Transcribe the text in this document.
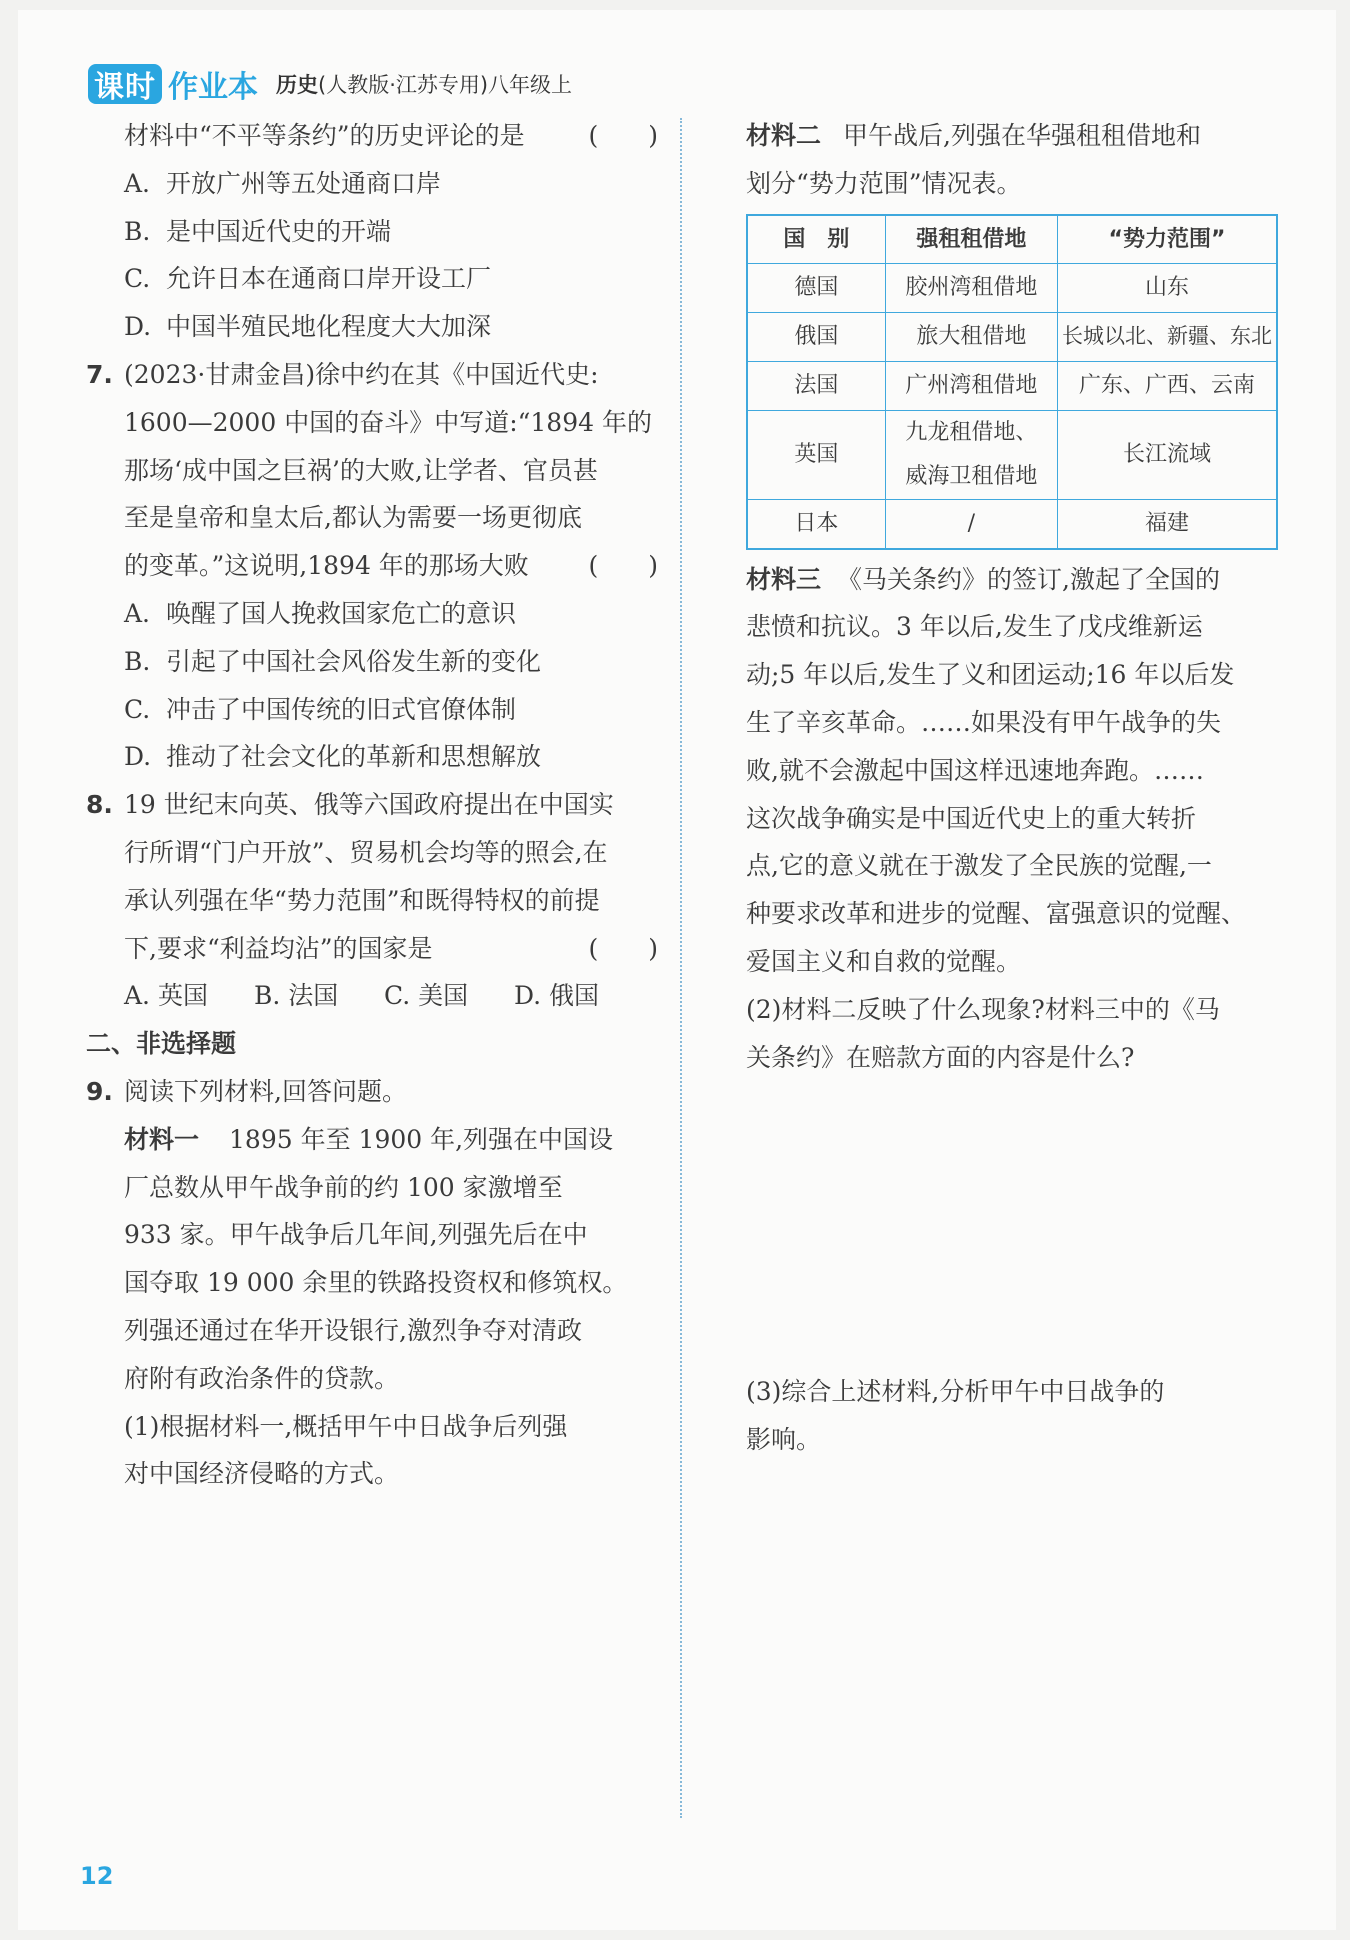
课时 作业本 历史(人教版·江苏专用)八年级上
材料中“不平等条约”的历史评论的是	(　　)
A. 开放广州等五处通商口岸
B. 是中国近代史的开端
C. 允许日本在通商口岸开设工厂
D. 中国半殖民地化程度大大加深
7. (2023·甘肃金昌)徐中约在其《中国近代史:
1600—2000 中国的奋斗》中写道:“1894 年的
那场‘成中国之巨祸’的大败,让学者、官员甚
至是皇帝和皇太后,都认为需要一场更彻底
的变革。”这说明,1894 年的那场大败 (　　)
A. 唤醒了国人挽救国家危亡的意识
B. 引起了中国社会风俗发生新的变化
C. 冲击了中国传统的旧式官僚体制
D. 推动了社会文化的革新和思想解放
8. 19 世纪末向英、俄等六国政府提出在中国实
行所谓“门户开放”、贸易机会均等的照会,在
承认列强在华“势力范围”和既得特权的前提
下,要求“利益均沾”的国家是	(　　)
A. 英国 B. 法国 C. 美国 D. 俄国
二、非选择题
9. 阅读下列材料,回答问题。
材料一 1895 年至 1900 年,列强在中国设
厂总数从甲午战争前的约 100 家激增至
933 家。甲午战争后几年间,列强先后在中
国夺取 19 000 余里的铁路投资权和修筑权。
列强还通过在华开设银行,激烈争夺对清政
府附有政治条件的贷款。
(1)根据材料一,概括甲午中日战争后列强
对中国经济侵略的方式。
材料二 甲午战后,列强在华强租租借地和
划分“势力范围”情况表。
国　别	强租租借地	“势力范围”
德国	胶州湾租借地	山东
俄国	旅大租借地	长城以北、新疆、东北
法国	广州湾租借地	广东、广西、云南
英国	九龙租借地、
威海卫租借地	长江流域
日本	/	福建
材料三 《马关条约》的签订,激起了全国的
悲愤和抗议。3 年以后,发生了戊戌维新运
动;5 年以后,发生了义和团运动;16 年以后发
生了辛亥革命。……如果没有甲午战争的失
败,就不会激起中国这样迅速地奔跑。……
这次战争确实是中国近代史上的重大转折
点,它的意义就在于激发了全民族的觉醒,一
种要求改革和进步的觉醒、富强意识的觉醒、
爱国主义和自救的觉醒。
(2)材料二反映了什么现象?材料三中的《马
关条约》在赔款方面的内容是什么?
(3)综合上述材料,分析甲午中日战争的
影响。
12
